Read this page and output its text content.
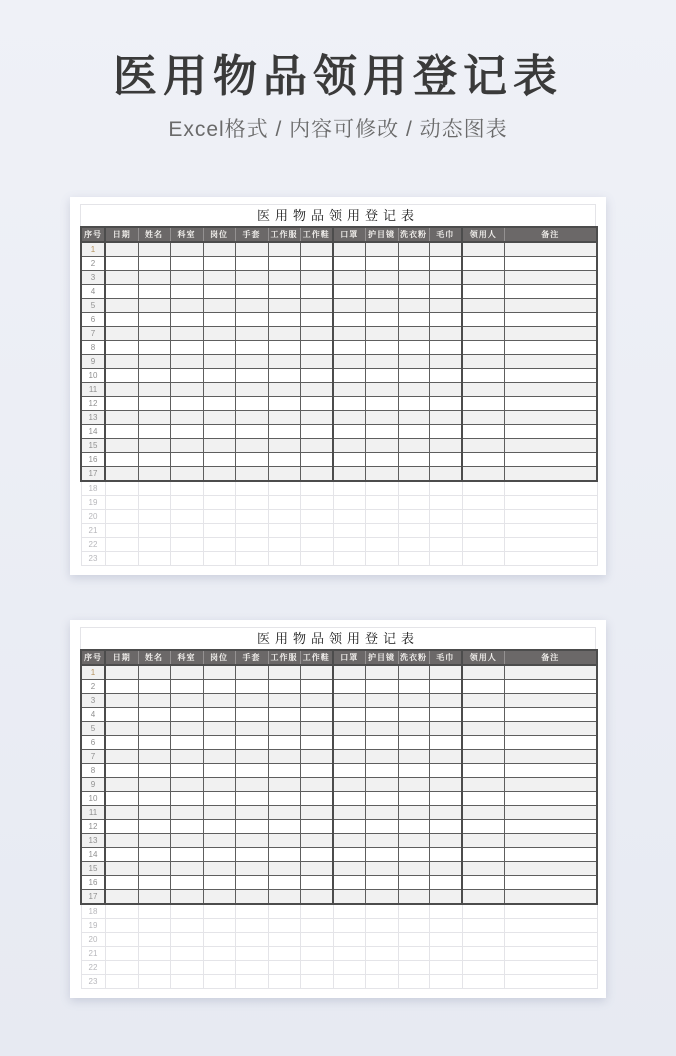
医用物品领用登记表
Excel格式 / 内容可修改 / 动态图表
医用物品领用登记表
序号	日期	姓名	科室	岗位	手套	工作服	工作鞋	口罩	护目镜	洗衣粉	毛巾	领用人	备注
1													
2													
3													
4													
5													
6													
7													
8													
9													
10													
11													
12													
13													
14													
15													
16													
17													
18													
19													
20													
21													
22													
23													
医用物品领用登记表
序号	日期	姓名	科室	岗位	手套	工作服	工作鞋	口罩	护目镜	洗衣粉	毛巾	领用人	备注
1													
2													
3													
4													
5													
6													
7													
8													
9													
10													
11													
12													
13													
14													
15													
16													
17													
18													
19													
20													
21													
22													
23													
